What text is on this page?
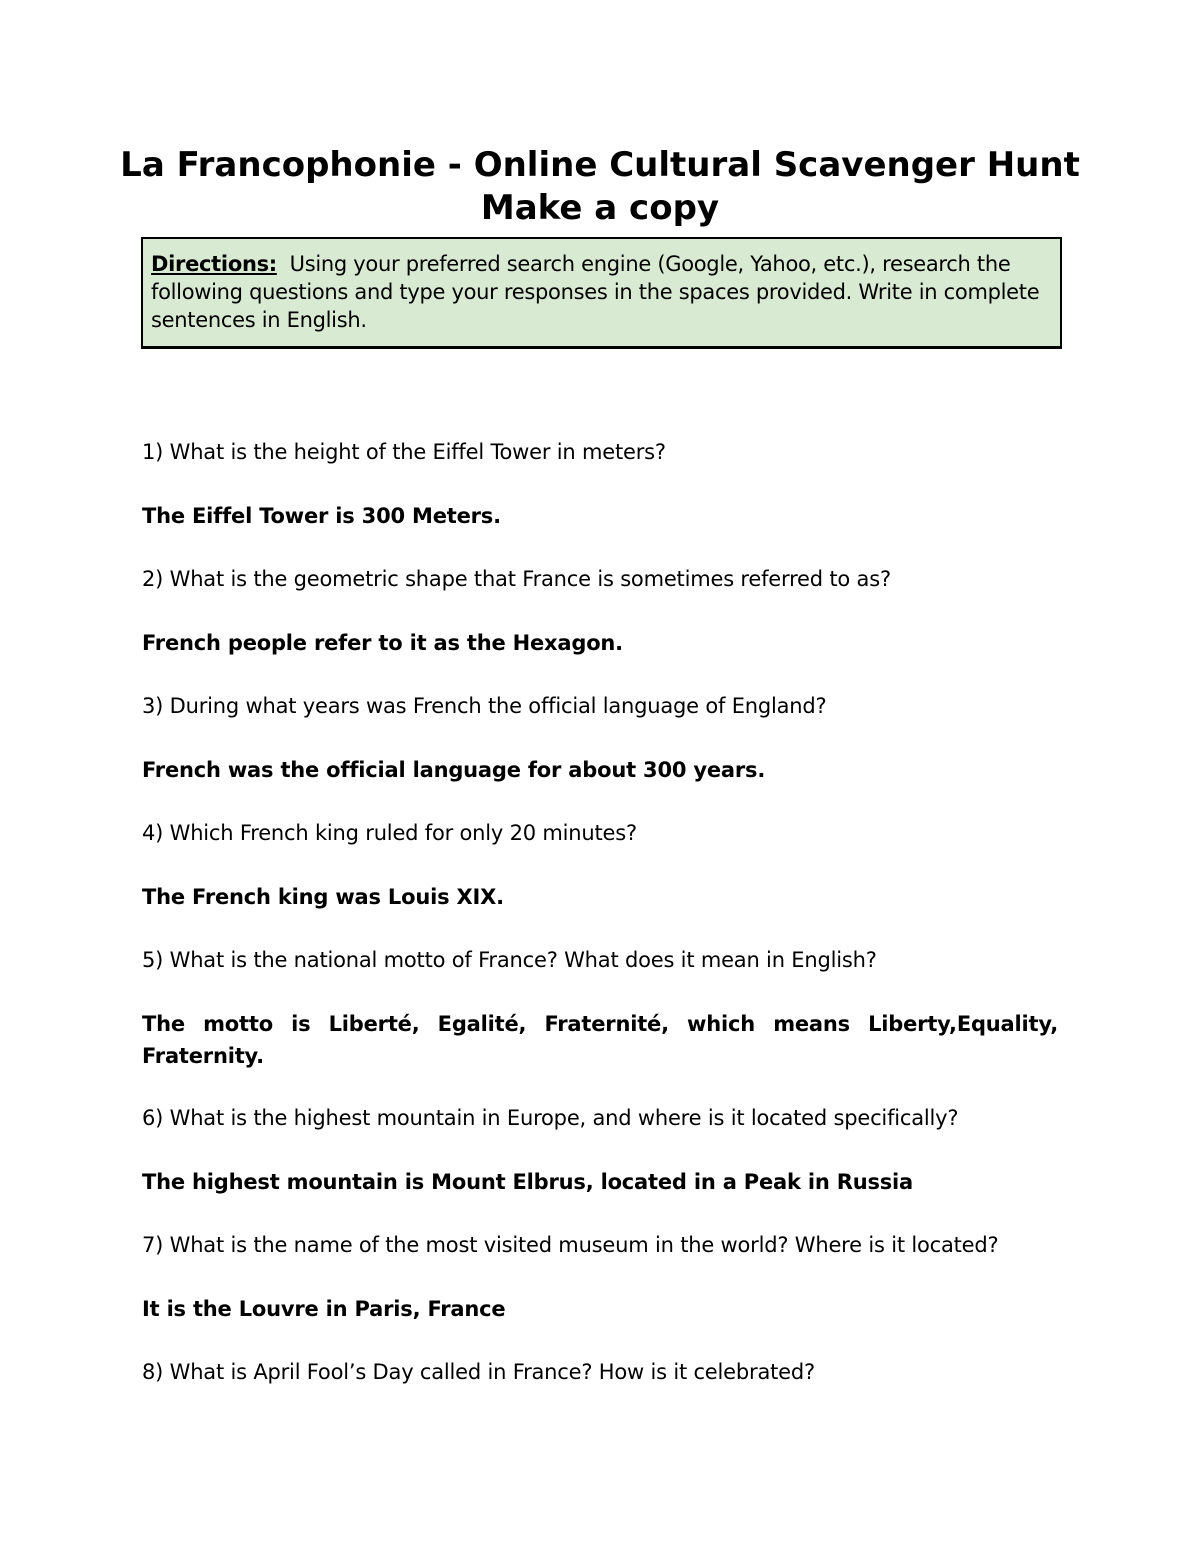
La Francophonie - Online Cultural Scavenger Hunt
Make a copy
Directions:  Using your preferred search engine (Google, Yahoo, etc.), research the following questions and type your responses in the spaces provided. Write in complete sentences in English.
1) What is the height of the Eiffel Tower in meters?
The Eiffel Tower is 300 Meters.
2) What is the geometric shape that France is sometimes referred to as?
French people refer to it as the Hexagon.
3) During what years was French the official language of England?
French was the official language for about 300 years.
4) Which French king ruled for only 20 minutes?
The French king was Louis XIX.
5) What is the national motto of France? What does it mean in English?
The motto is Liberté, Egalité, Fraternité, which means Liberty,Equality, Fraternity.
6) What is the highest mountain in Europe, and where is it located specifically?
The highest mountain is Mount Elbrus, located in a Peak in Russia
7) What is the name of the most visited museum in the world? Where is it located?
It is the Louvre in Paris, France
8) What is April Fool’s Day called in France? How is it celebrated?
